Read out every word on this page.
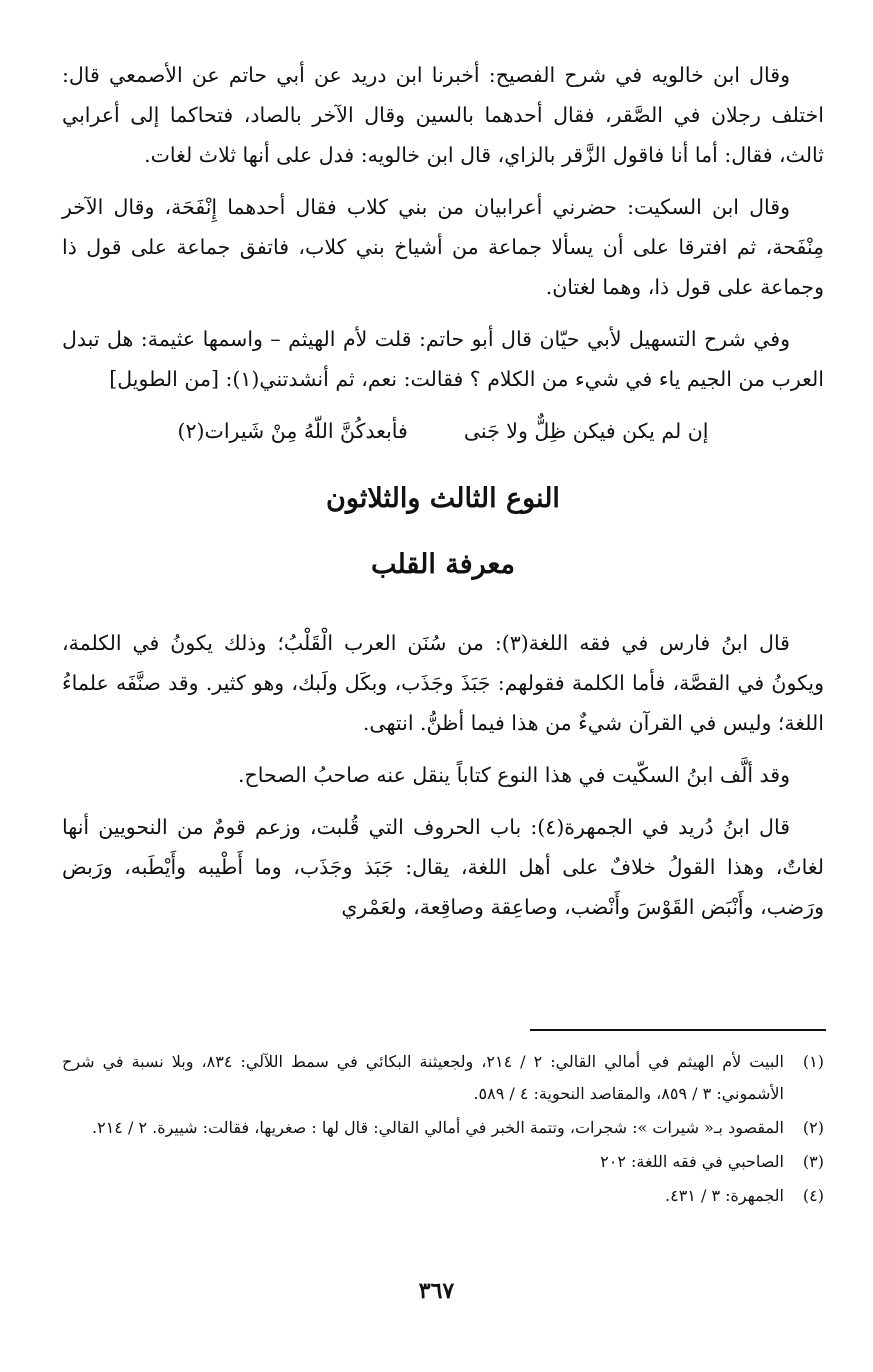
وقال ابن خالويه في شرح الفصيح: أخبرنا ابن دريد عن أبي حاتم عن الأصمعي قال: اختلف رجلان في الصَّقر، فقال أحدهما بالسين وقال الآخر بالصاد، فتحاكما إلى أعرابي ثالث، فقال: أما أنا فاقول الزَّقر بالزاي، قال ابن خالويه: فدل على أنها ثلاث لغات.

وقال ابن السكيت: حضرني أعرابيان من بني كلاب فقال أحدهما إِنْفَحَة، وقال الآخر مِنْفَحة، ثم افترقا على أن يسألا جماعة من أشياخ بني كلاب، فاتفق جماعة على قول ذا وجماعة على قول ذا، وهما لغتان.

وفي شرح التسهيل لأبي حيّان قال أبو حاتم: قلت لأم الهيثم – واسمها عثيمة: هل تبدل العرب من الجيم ياء في شيء من الكلام ؟ فقالت: نعم، ثم أنشدتني(١): [من الطويل]

إن لم يكن فيكن ظِلٌّ ولا جَنى
فأبعدكُنَّ اللّهُ مِنْ شَيرات(٢)
النوع الثالث والثلاثون
معرفة القلب

قال ابنُ فارس في فقه اللغة(٣): من سُنَن العرب الْقَلْبُ؛ وذلك يكونُ في الكلمة، ويكونُ في القصَّة، فأما الكلمة فقولهم: جَبَذَ وجَذَب، وبكَل ولَبك، وهو كثير. وقد صنَّفَه علماءُ اللغة؛ وليس في القرآن شيءٌ من هذا فيما أظنُّ. انتهى.

وقد ألَّف ابنُ السكّيت في هذا النوع كتاباً ينقل عنه صاحبُ الصحاح.

قال ابنُ دُريد في الجمهرة(٤): باب الحروف التي قُلبت، وزعم قومٌ من النحويين أنها لغاتٌ، وهذا القولُ خلافٌ على أهل اللغة، يقال: جَبَذ وجَذَب، وما أَطْيبه وأَيْطَبه، ورَبض ورَضب، وأَنْبَض القَوْسَ وأَنْضب، وصاعِقة وصاقِعة، ولعَمْري

(١)
البيت لأم الهيثم في أمالي القالي: ٢ / ٢١٤، ولجعيثنة البكائي في سمط اللآلي: ٨٣٤، وبلا نسبة في شرح الأشموني: ٣ / ٨٥٩، والمقاصد النحوية: ٤ / ٥٨٩.
(٢)
المقصود بـ« شيرات »: شجرات، وتتمة الخبر في أمالي القالي: قال لها : صغريها، فقالت: شييرة. ٢ / ٢١٤.
(٣)
الصاحبي في فقه اللغة: ٢٠٢
(٤)
الجمهرة: ٣ / ٤٣١.
٣٦٧
